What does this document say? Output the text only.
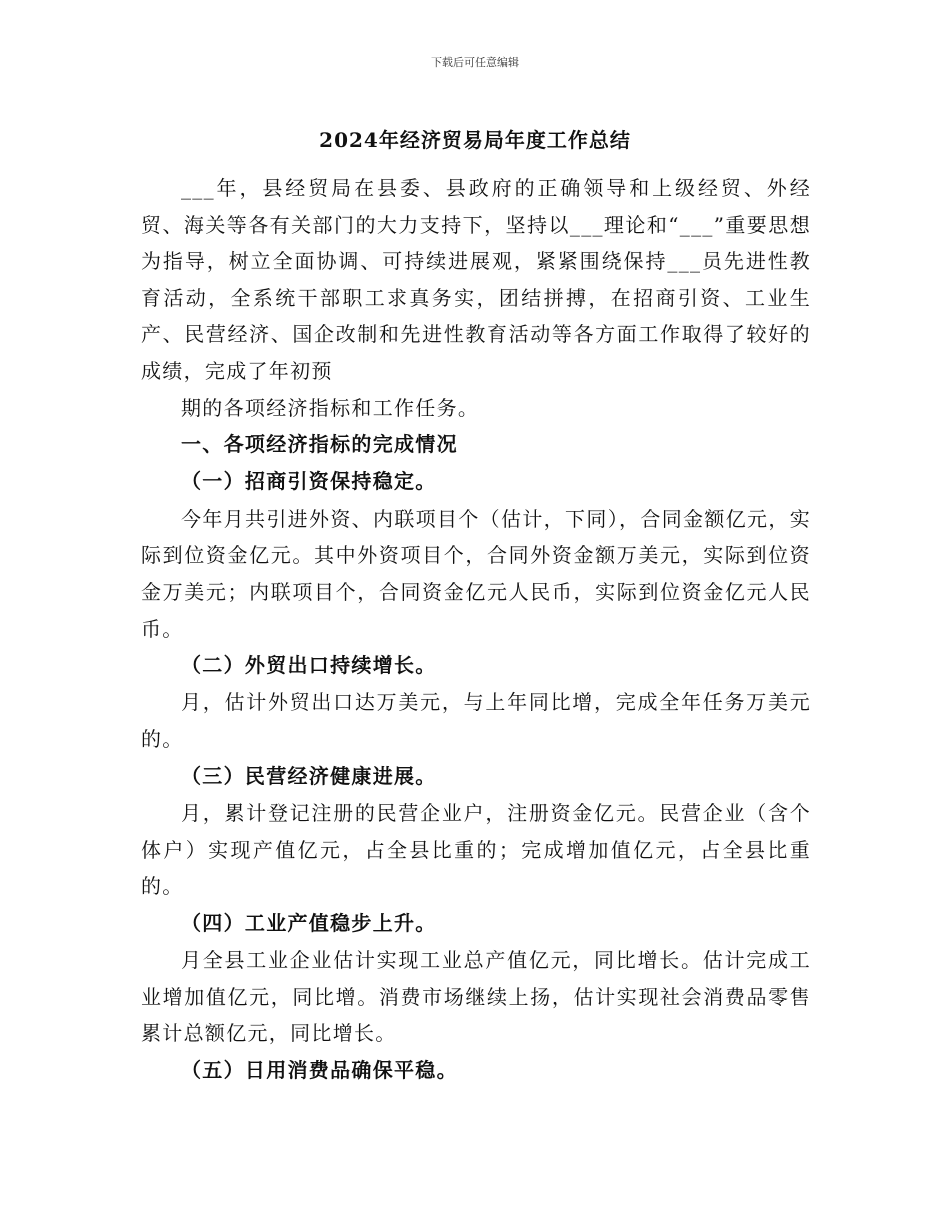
下载后可任意编辑
2024年经济贸易局年度工作总结

___年，县经贸局在县委、县政府的正确领导和上级经贸、外经贸、海关等各有关部门的大力支持下，坚持以___理论和“___”重要思想为指导，树立全面协调、可持续进展观，紧紧围绕保持___员先进性教育活动，全系统干部职工求真务实，团结拼搏，在招商引资、工业生产、民营经济、国企改制和先进性教育活动等各方面工作取得了较好的成绩，完成了年初预

期的各项经济指标和工作任务。

一、各项经济指标的完成情况

（一）招商引资保持稳定。

今年月共引进外资、内联项目个（估计，下同），合同金额亿元，实际到位资金亿元。其中外资项目个，合同外资金额万美元，实际到位资金万美元；内联项目个，合同资金亿元人民币，实际到位资金亿元人民币。

（二）外贸出口持续增长。

月，估计外贸出口达万美元，与上年同比增，完成全年任务万美元的。

（三）民营经济健康进展。

月，累计登记注册的民营企业户，注册资金亿元。民营企业（含个体户）实现产值亿元，占全县比重的；完成增加值亿元，占全县比重的。

（四）工业产值稳步上升。

月全县工业企业估计实现工业总产值亿元，同比增长。估计完成工业增加值亿元，同比增。消费市场继续上扬，估计实现社会消费品零售累计总额亿元，同比增长。

（五）日用消费品确保平稳。
